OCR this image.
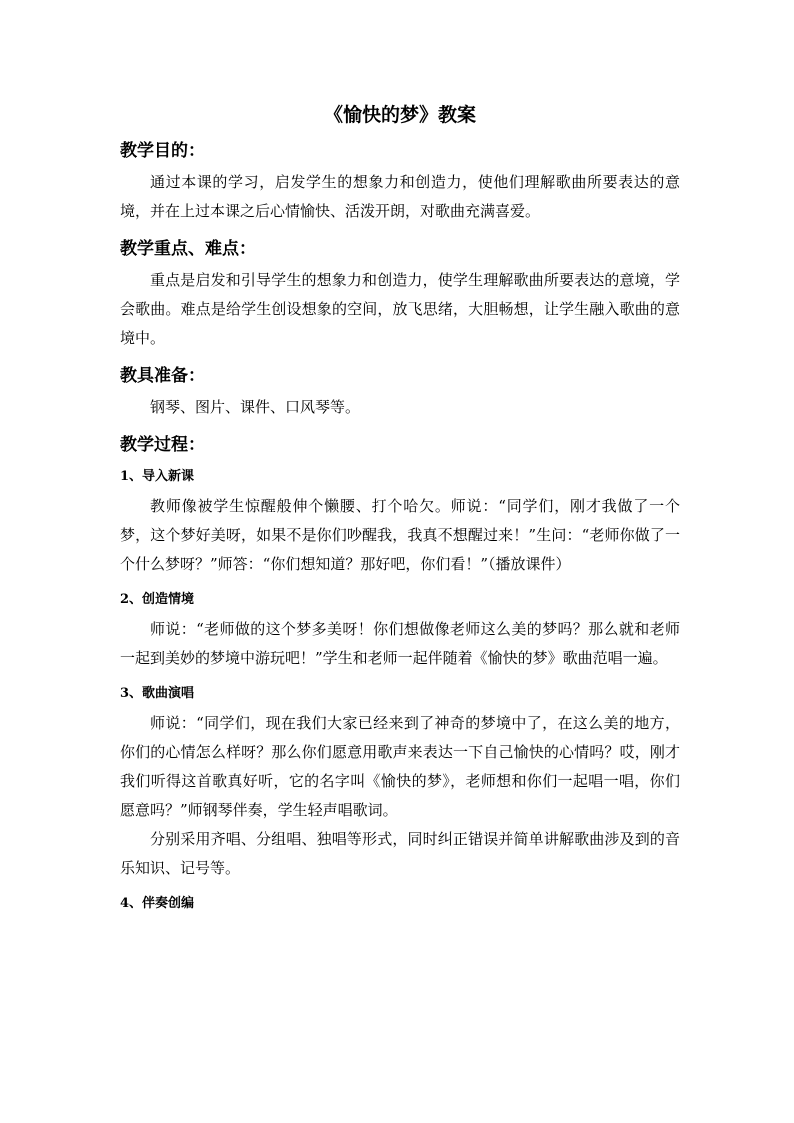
《愉快的梦》教案
教学目的：

通过本课的学习，启发学生的想象力和创造力，使他们理解歌曲所要表达的意境，并在上过本课之后心情愉快、活泼开朗，对歌曲充满喜爱。

教学重点、难点：

重点是启发和引导学生的想象力和创造力，使学生理解歌曲所要表达的意境，学会歌曲。难点是给学生创设想象的空间，放飞思绪，大胆畅想，让学生融入歌曲的意境中。

教具准备：

钢琴、图片、课件、口风琴等。

教学过程：
1、导入新课

教师像被学生惊醒般伸个懒腰、打个哈欠。师说：“同学们，刚才我做了一个梦，这个梦好美呀，如果不是你们吵醒我，我真不想醒过来！”生问：“老师你做了一个什么梦呀？”师答：“你们想知道？那好吧，你们看！”（播放课件）

2、创造情境

师说：“老师做的这个梦多美呀！你们想做像老师这么美的梦吗？那么就和老师一起到美妙的梦境中游玩吧！”学生和老师一起伴随着《愉快的梦》歌曲范唱一遍。

3、歌曲演唱

师说：“同学们，现在我们大家已经来到了神奇的梦境中了，在这么美的地方，你们的心情怎么样呀？那么你们愿意用歌声来表达一下自己愉快的心情吗？哎，刚才我们听得这首歌真好听，它的名字叫《愉快的梦》，老师想和你们一起唱一唱，你们愿意吗？”师钢琴伴奏，学生轻声唱歌词。

分别采用齐唱、分组唱、独唱等形式，同时纠正错误并简单讲解歌曲涉及到的音乐知识、记号等。

4、伴奏创编
